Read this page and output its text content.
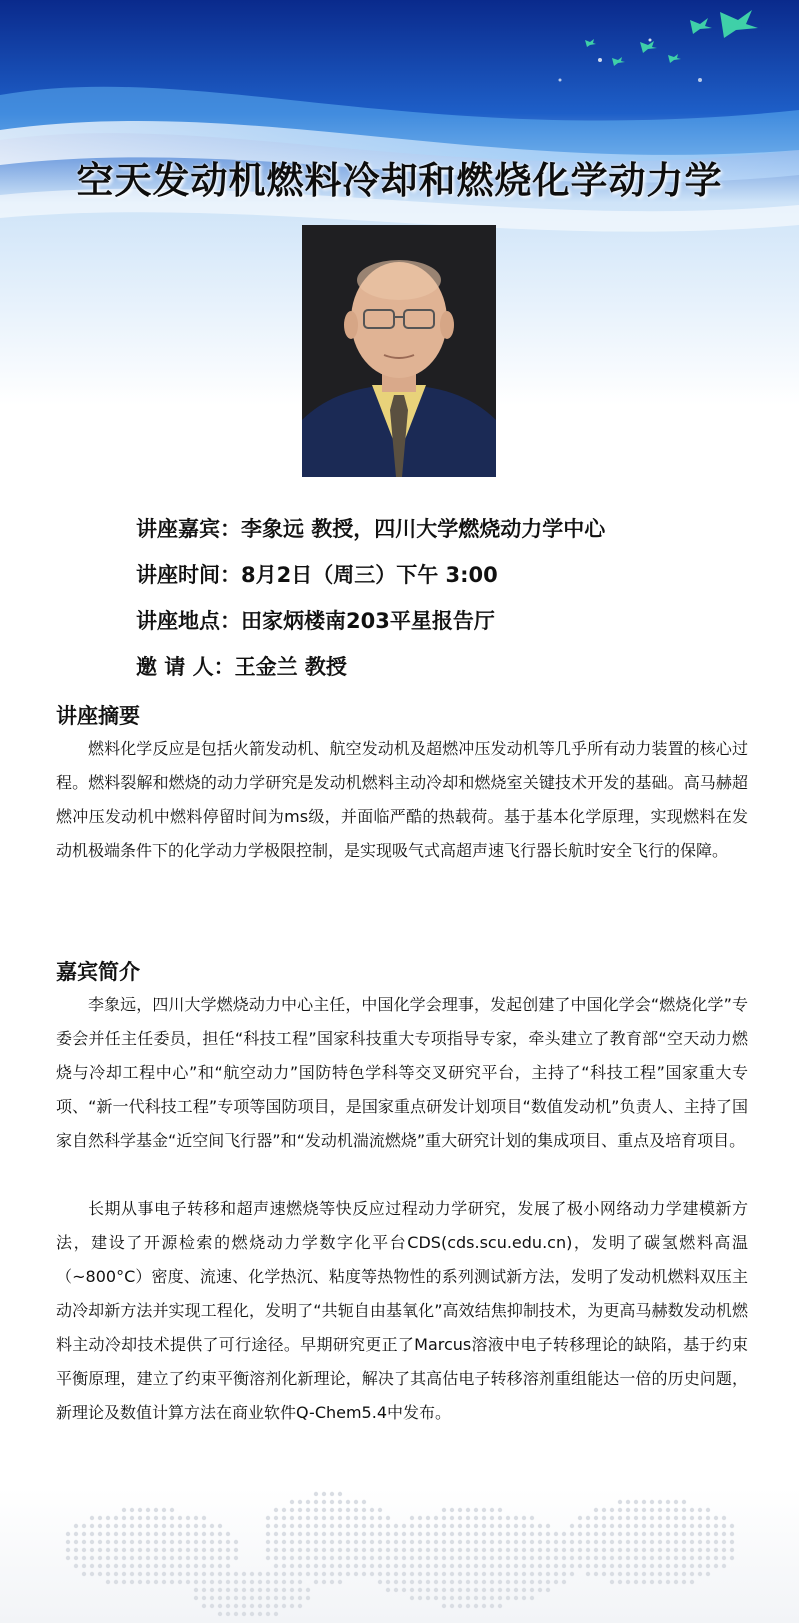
空天发动机燃料冷却和燃烧化学动力学
讲座嘉宾：李象远 教授，四川大学燃烧动力学中心
讲座时间：8月2日（周三）下午 3:00
讲座地点：田家炳楼南203平星报告厅
邀 请 人：王金兰 教授
讲座摘要

燃料化学反应是包括火箭发动机、航空发动机及超燃冲压发动机等几乎所有动力装置的核心过程。燃料裂解和燃烧的动力学研究是发动机燃料主动冷却和燃烧室关键技术开发的基础。高马赫超燃冲压发动机中燃料停留时间为ms级，并面临严酷的热载荷。基于基本化学原理，实现燃料在发动机极端条件下的化学动力学极限控制，是实现吸气式高超声速飞行器长航时安全飞行的保障。

嘉宾简介

李象远，四川大学燃烧动力中心主任，中国化学会理事，发起创建了中国化学会“燃烧化学”专委会并任主任委员，担任“科技工程”国家科技重大专项指导专家，牵头建立了教育部“空天动力燃烧与冷却工程中心”和“航空动力”国防特色学科等交叉研究平台，主持了“科技工程”国家重大专项、“新一代科技工程”专项等国防项目，是国家重点研发计划项目“数值发动机”负责人、主持了国家自然科学基金“近空间飞行器”和“发动机湍流燃烧”重大研究计划的集成项目、重点及培育项目。

长期从事电子转移和超声速燃烧等快反应过程动力学研究，发展了极小网络动力学建模新方法，建设了开源检索的燃烧动力学数字化平台CDS(cds.scu.edu.cn)，发明了碳氢燃料高温（~800°C）密度、流速、化学热沉、粘度等热物性的系列测试新方法，发明了发动机燃料双压主动冷却新方法并实现工程化，发明了“共轭自由基氧化”高效结焦抑制技术，为更高马赫数发动机燃料主动冷却技术提供了可行途径。早期研究更正了Marcus溶液中电子转移理论的缺陷，基于约束平衡原理，建立了约束平衡溶剂化新理论，解决了其高估电子转移溶剂重组能达一倍的历史问题，新理论及数值计算方法在商业软件Q-Chem5.4中发布。
